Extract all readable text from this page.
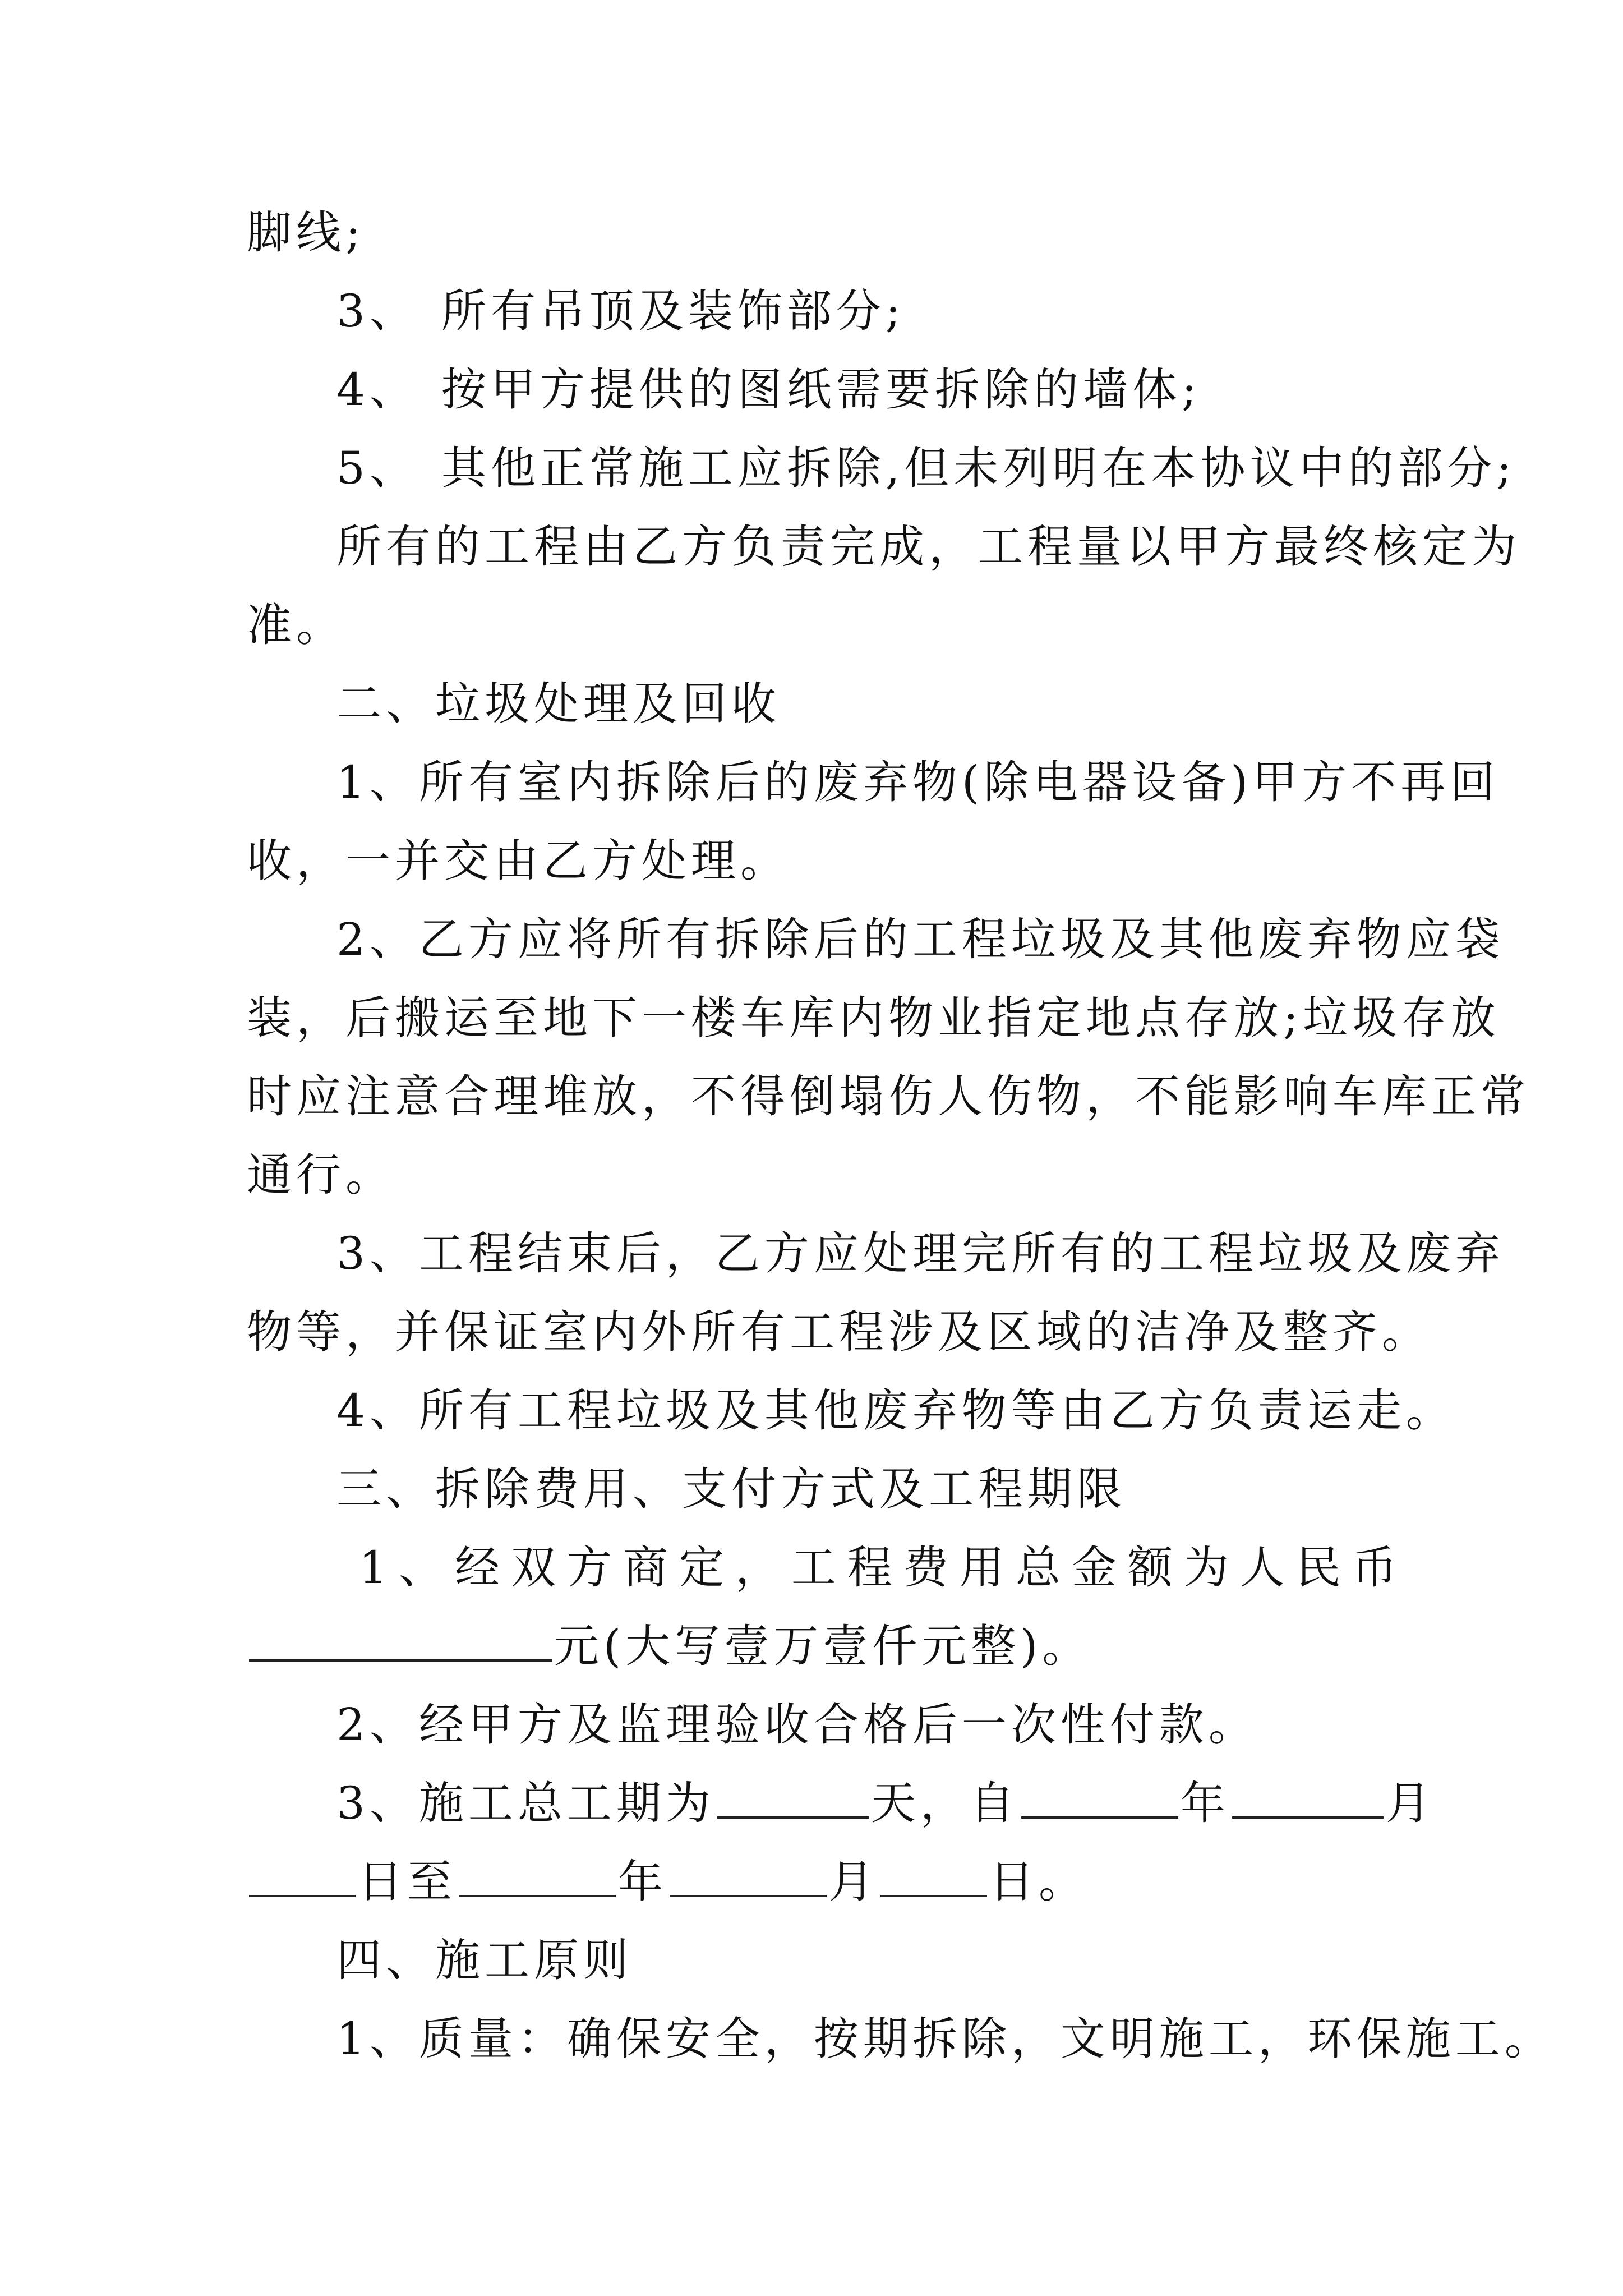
脚线;
3、 所有吊顶及装饰部分;
4、 按甲方提供的图纸需要拆除的墙体;
5、 其他正常施工应拆除,但未列明在本协议中的部分;
所有的工程由乙方负责完成，工程量以甲方最终核定为
准。
二、垃圾处理及回收
1、所有室内拆除后的废弃物(除电器设备)甲方不再回
收，一并交由乙方处理。
2、乙方应将所有拆除后的工程垃圾及其他废弃物应袋
装，后搬运至地下一楼车库内物业指定地点存放;垃圾存放
时应注意合理堆放，不得倒塌伤人伤物，不能影响车库正常
通行。
3、工程结束后，乙方应处理完所有的工程垃圾及废弃
物等，并保证室内外所有工程涉及区域的洁净及整齐。
4、所有工程垃圾及其他废弃物等由乙方负责运走。
三、拆除费用、支付方式及工程期限
1、经双方商定，工程费用总金额为人民币
元(大写壹万壹仟元整)。
2、经甲方及监理验收合格后一次性付款。
3、施工总工期为	天，自	年	月
日至	年	月 日。
四、施工原则
1、质量：确保安全，按期拆除，文明施工，环保施工。
